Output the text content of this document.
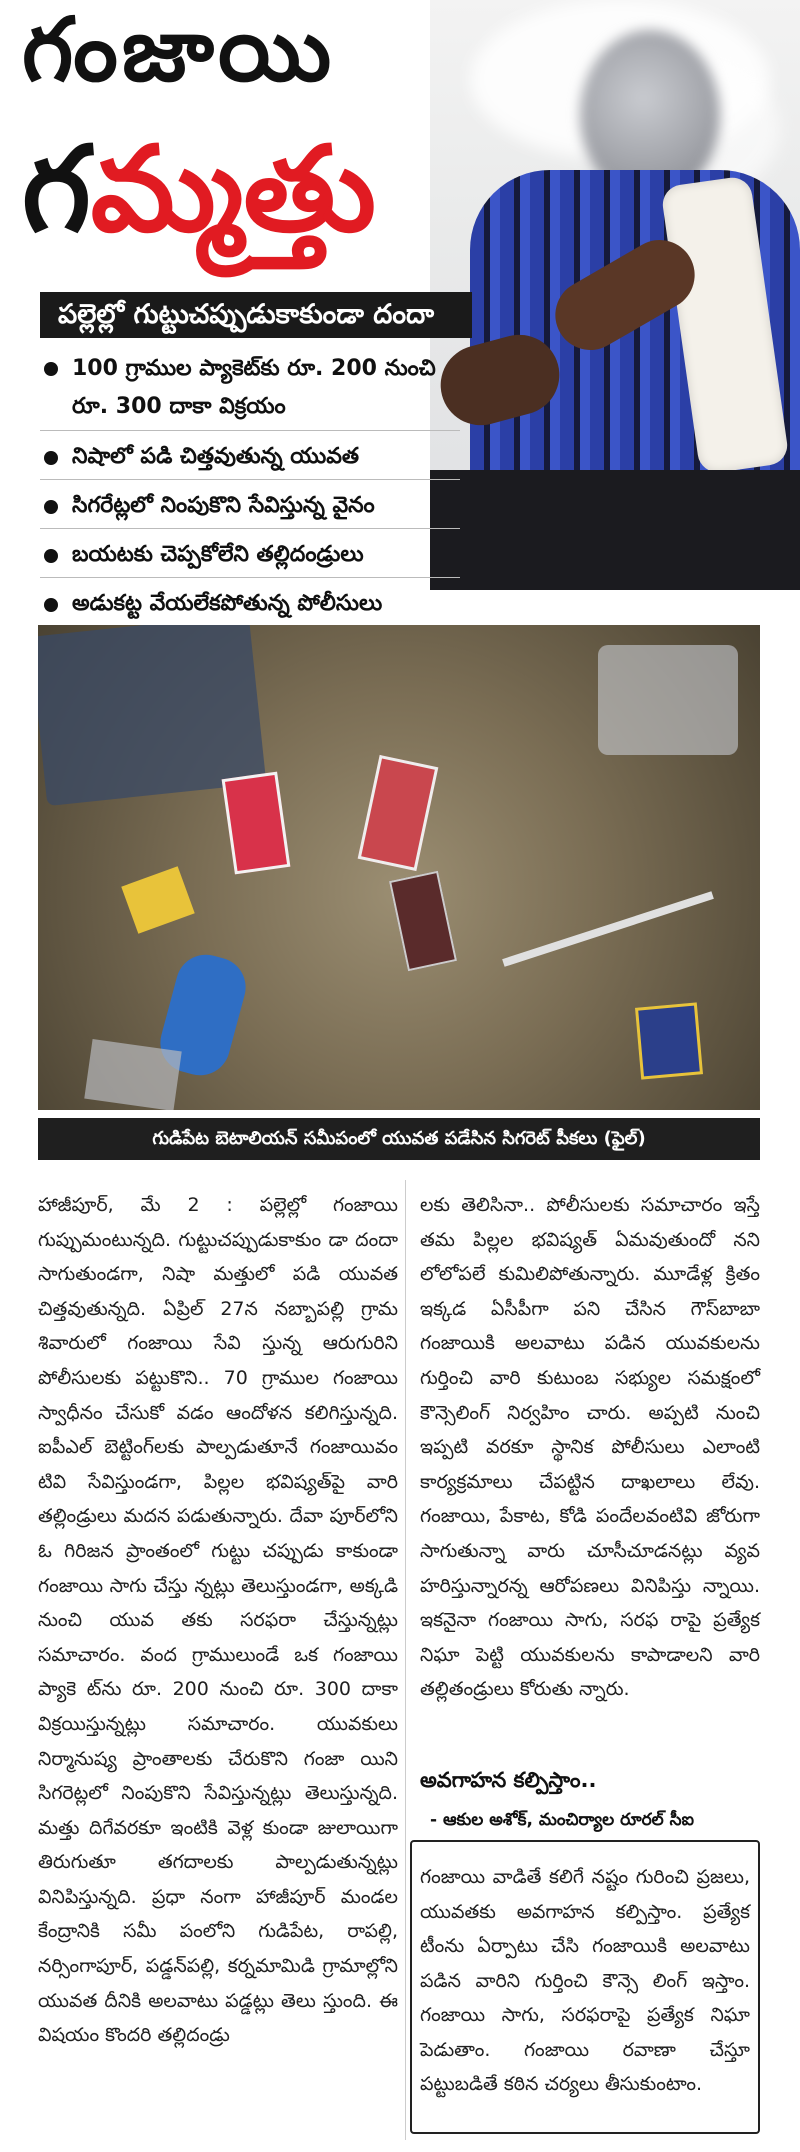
గంజాయి
గమ్మత్తు
పల్లెల్లో గుట్టుచప్పుడుకాకుండా దందా
100 గ్రాముల ప్యాకెట్‌కు రూ. 200 నుంచి రూ. 300 దాకా విక్రయం
నిషాలో పడి చిత్తవుతున్న యువత
సిగరేట్లలో నింపుకొని సేవిస్తున్న వైనం
బయటకు చెప్పకోలేని తల్లిదండ్రులు
అడుకట్ట వేయలేకపోతున్న పోలీసులు
గుడిపేట బెటాలియన్ సమీపంలో యువత పడేసిన సిగరెట్ పీకలు (ఫైల్)
హాజీపూర్, మే 2 : పల్లెల్లో గంజాయి గుప్పుమంటున్నది. గుట్టుచప్పుడుకాకుం డా దందా సాగుతుండగా, నిషా మత్తులో పడి యువత చిత్తవుతున్నది. ఏప్రిల్ 27న నబ్బాపల్లి గ్రామ శివారులో గంజాయి సేవి స్తున్న ఆరుగురిని పోలీసులకు పట్టుకొని.. 70 గ్రాముల గంజాయి స్వాధీనం చేసుకో వడం ఆందోళన కలిగిస్తున్నది. ఐపీఎల్ బెట్టింగ్‌లకు పాల్పడుతూనే గంజాయివం టివి సేవిస్తుండగా, పిల్లల భవిష్యత్‌పై వారి తల్లిండ్రులు మదన పడుతున్నారు. దేవా పూర్‌లోని ఓ గిరిజన ప్రాంతంలో గుట్టు చప్పుడు కాకుండా గంజాయి సాగు చేస్తు న్నట్లు తెలుస్తుండగా, అక్కడి నుంచి యువ తకు సరఫరా చేస్తున్నట్లు సమాచారం. వంద గ్రాములుండే ఒక గంజాయి ప్యాకె ట్‌ను రూ. 200 నుంచి రూ. 300 దాకా విక్రయిస్తున్నట్లు సమాచారం. యువకులు నిర్మానుష్య ప్రాంతాలకు చేరుకొని గంజా యిని సిగరెట్లలో నింపుకొని సేవిస్తున్నట్లు తెలుస్తున్నది. మత్తు దిగేవరకూ ఇంటికి వెళ్ల కుండా జులాయిగా తిరుగుతూ తగదాలకు పాల్పడుతున్నట్లు వినిపిస్తున్నది. ప్రధా నంగా హాజీపూర్ మండల కేంద్రానికి సమీ పంలోని గుడిపేట, రాపల్లి, నర్సింగాపూర్, పడ్డన్‌పల్లి, కర్నమామిడి గ్రామాల్లోని యువత దీనికి అలవాటు పడ్డట్లు తెలు స్తుంది. ఈ విషయం కొందరి తల్లిదండ్రు
లకు తెలిసినా.. పోలీసులకు సమాచారం ఇస్తే తమ పిల్లల భవిష్యత్ ఏమవుతుందో నని లోలోపలే కుమిలిపోతున్నారు. మూడేళ్ల క్రితం ఇక్కడ ఏసీపీగా పని చేసిన గౌస్‌బాబా గంజాయికి అలవాటు పడిన యువకులను గుర్తించి వారి కుటుంబ సభ్యుల సమక్షంలో కౌన్సెలింగ్ నిర్వహిం చారు. అప్పటి నుంచి ఇప్పటి వరకూ స్థానిక పోలీసులు ఎలాంటి కార్యక్రమాలు చేపట్టిన దాఖలాలు లేవు. గంజాయి, పేకాట, కోడి పందేలవంటివి జోరుగా సాగుతున్నా వారు చూసీచూడనట్లు వ్యవ హరిస్తున్నారన్న ఆరోపణలు వినిపిస్తు న్నాయి. ఇకనైనా గంజాయి సాగు, సరఫ రాపై ప్రత్యేక నిఘా పెట్టి యువకులను కాపాడాలని వారి తల్లితండ్రులు కోరుతు న్నారు.
అవగాహన కల్పిస్తాం..
- ఆకుల అశోక్, మంచిర్యాల రూరల్ సీఐ
గంజాయి వాడితే కలిగే నష్టం గురించి ప్రజలు, యువతకు అవగాహన కల్పిస్తాం. ప్రత్యేక టీంను ఏర్పాటు చేసి గంజాయికి అలవాటు పడిన వారిని గుర్తించి కౌన్సె లింగ్ ఇస్తాం. గంజాయి సాగు, సరఫరాపై ప్రత్యేక నిఘా పెడుతాం. గంజాయి రవాణా చేస్తూ పట్టుబడితే కఠిన చర్యలు తీసుకుంటాం.
